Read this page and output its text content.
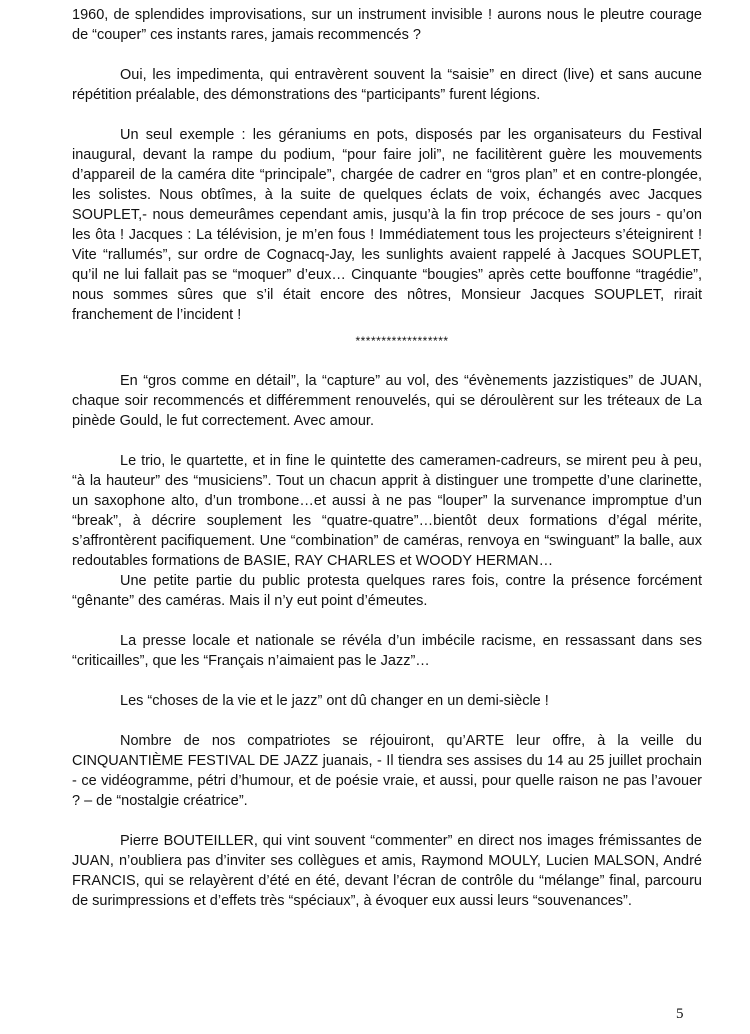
1960, de splendides improvisations, sur un instrument invisible ! aurons nous le pleutre courage de “couper” ces instants rares, jamais recommencés ?

Oui, les impedimenta, qui entravèrent souvent la “saisie” en direct (live) et sans aucune répétition préalable, des démonstrations des “participants” furent légions.

Un seul exemple : les géraniums en pots, disposés par les organisateurs du Festival inaugural, devant la rampe du podium, “pour faire joli”, ne facilitèrent guère les mouvements d’appareil de la caméra dite “principale”, chargée de cadrer en “gros plan” et en contre-plongée, les solistes. Nous obtîmes, à la suite de quelques éclats de voix, échangés avec Jacques SOUPLET,- nous demeurâmes cependant amis, jusqu’à la fin trop précoce de ses jours - qu’on les ôta ! Jacques : La télévision, je m’en fous ! Immédiatement tous les projecteurs s’éteignirent ! Vite “rallumés”, sur ordre de Cognacq-Jay, les sunlights avaient rappelé à Jacques SOUPLET, qu’il ne lui fallait pas se “moquer” d’eux… Cinquante “bougies” après cette bouffonne “tragédie”, nous sommes sûres que s’il était encore des nôtres, Monsieur Jacques SOUPLET, rirait franchement de l’incident !

******************

En “gros comme en détail”, la “capture” au vol, des “évènements jazzistiques” de JUAN, chaque soir recommencés et différemment renouvelés, qui se déroulèrent sur les tréteaux de La pinède Gould, le fut correctement. Avec amour.

Le trio, le quartette, et in fine le quintette des cameramen-cadreurs, se mirent peu à peu, “à la hauteur” des “musiciens”. Tout un chacun apprit à distinguer une trompette d’une clarinette, un saxophone alto, d’un trombone…et aussi à ne pas “louper” la survenance impromptue d’un “break”, à décrire souplement les “quatre-quatre”…bientôt deux formations d’égal mérite, s’affrontèrent pacifiquement. Une “combination” de caméras, renvoya en “swinguant” la balle, aux redoutables formations de BASIE, RAY CHARLES et WOODY HERMAN…

Une petite partie du public protesta quelques rares fois, contre la présence forcément “gênante” des caméras. Mais il n’y eut point d’émeutes.

La presse locale et nationale se révéla d’un imbécile racisme, en ressassant dans ses “criticailles”, que les “Français n’aimaient pas le Jazz”…

Les “choses de la vie et le jazz” ont dû changer en un demi-siècle !

Nombre de nos compatriotes se réjouiront, qu’ARTE leur offre, à la veille du CINQUANTIÈME FESTIVAL DE JAZZ juanais, - Il tiendra ses assises du 14 au 25 juillet prochain - ce vidéogramme, pétri d’humour, et de poésie vraie, et aussi, pour quelle raison ne pas l’avouer ? – de “nostalgie créatrice”.

Pierre BOUTEILLER, qui vint souvent “commenter” en direct nos images frémissantes de JUAN, n’oubliera pas d’inviter ses collègues et amis, Raymond MOULY, Lucien MALSON, André FRANCIS, qui se relayèrent d’été en été, devant l’écran de contrôle du “mélange” final, parcouru de surimpressions et d’effets très “spéciaux”, à évoquer eux aussi leurs “souvenances”.

5
